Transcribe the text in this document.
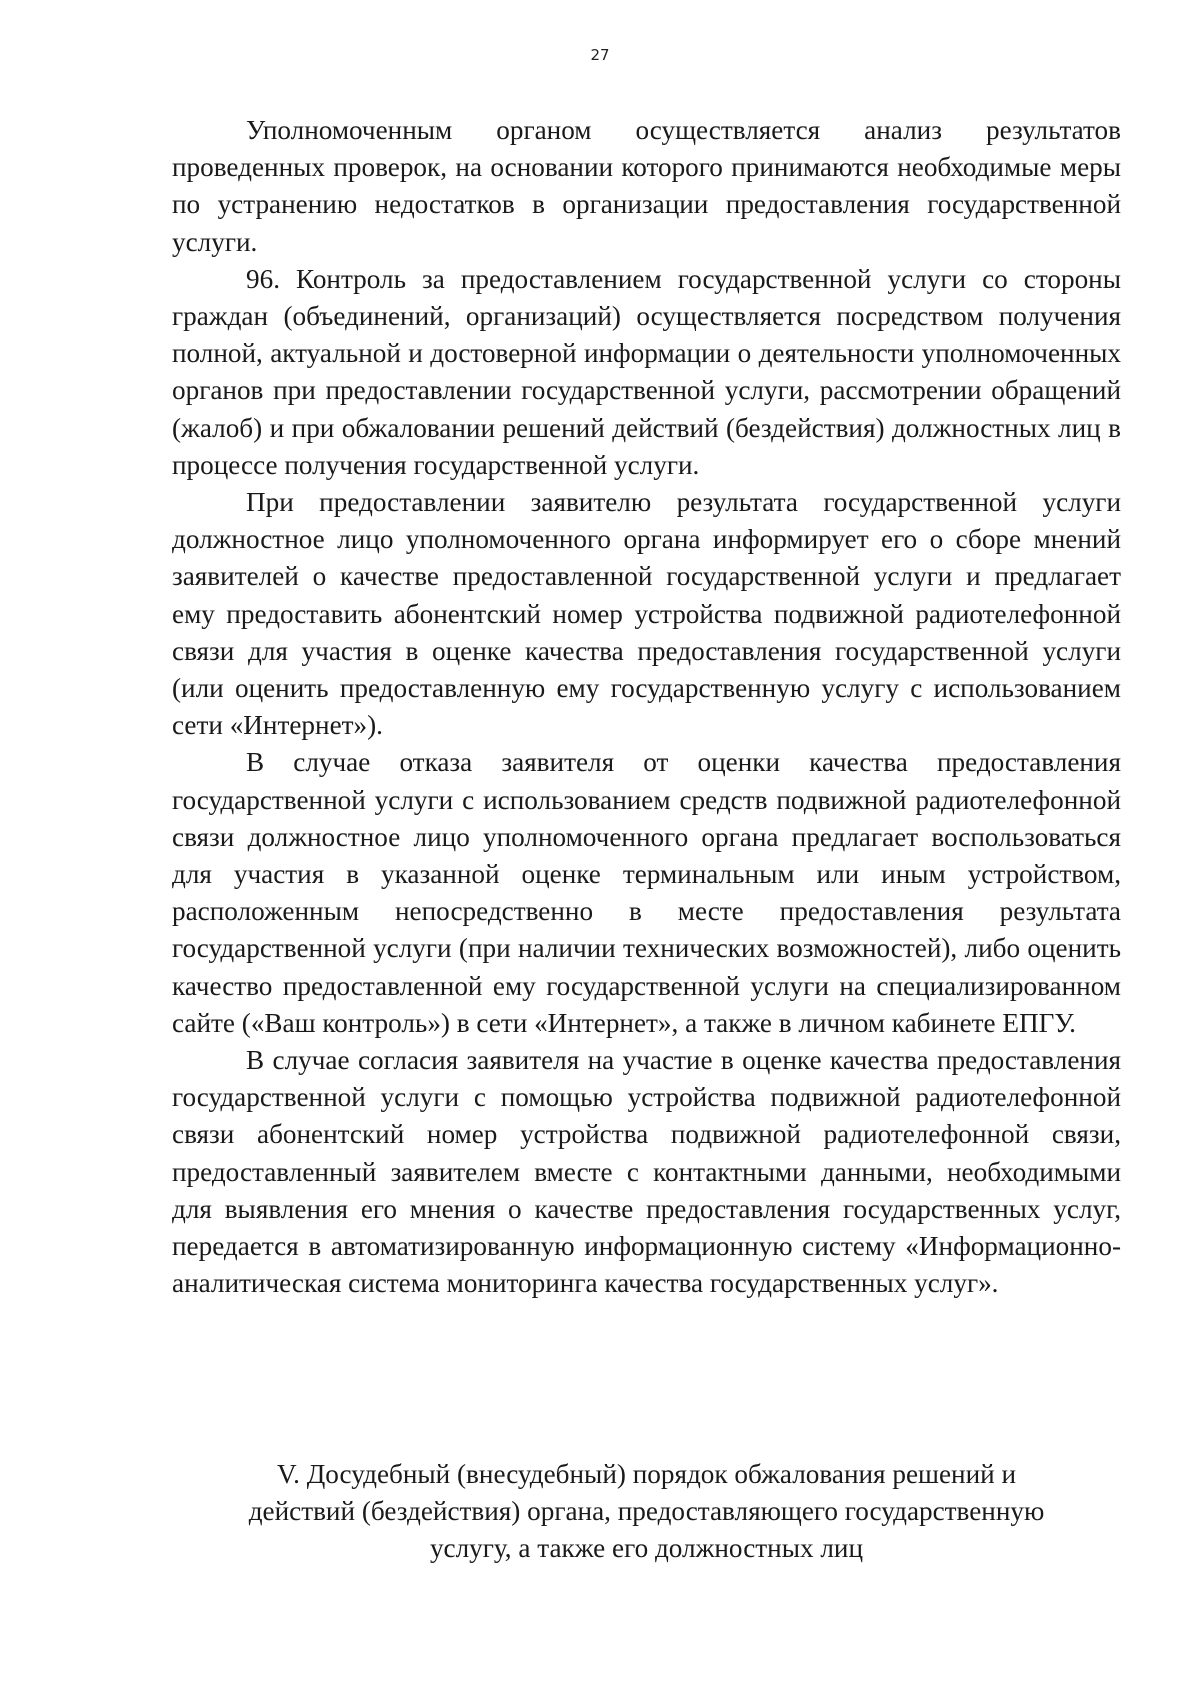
27

Уполномоченным органом осуществляется анализ результатов проведенных проверок, на основании которого принимаются необходимые меры по устранению недостатков в организации предоставления государственной услуги.

96. Контроль за предоставлением государственной услуги со стороны граждан (объединений, организаций) осуществляется посредством получения полной, актуальной и достоверной информации о деятельности уполномоченных органов при предоставлении государственной услуги, рассмотрении обращений (жалоб) и при обжаловании решений действий (бездействия) должностных лиц в процессе получения государственной услуги.

При предоставлении заявителю результата государственной услуги должностное лицо уполномоченного органа информирует его о сборе мнений заявителей о качестве предоставленной государственной услуги и предлагает ему предоставить абонентский номер устройства подвижной радиотелефонной связи для участия в оценке качества предоставления государственной услуги (или оценить предоставленную ему государственную услугу с использованием сети «Интернет»).

В случае отказа заявителя от оценки качества предоставления государственной услуги с использованием средств подвижной радиотелефонной связи должностное лицо уполномоченного органа предлагает воспользоваться для участия в указанной оценке терминальным или иным устройством, расположенным непосредственно в месте предоставления результата государственной услуги (при наличии технических возможностей), либо оценить качество предоставленной ему государственной услуги на специализированном сайте («Ваш контроль») в сети «Интернет», а также в личном кабинете ЕПГУ.

В случае согласия заявителя на участие в оценке качества предоставления государственной услуги с помощью устройства подвижной радиотелефонной связи абонентский номер устройства подвижной радиотелефонной связи, предоставленный заявителем вместе с контактными данными, необходимыми для выявления его мнения о качестве предоставления государственных услуг, передается в автоматизированную информационную систему «Информационно-аналитическая система мониторинга качества государственных услуг».

V. Досудебный (внесудебный) порядок обжалования решений и
действий (бездействия) органа, предоставляющего государственную
услугу, а также его должностных лиц
